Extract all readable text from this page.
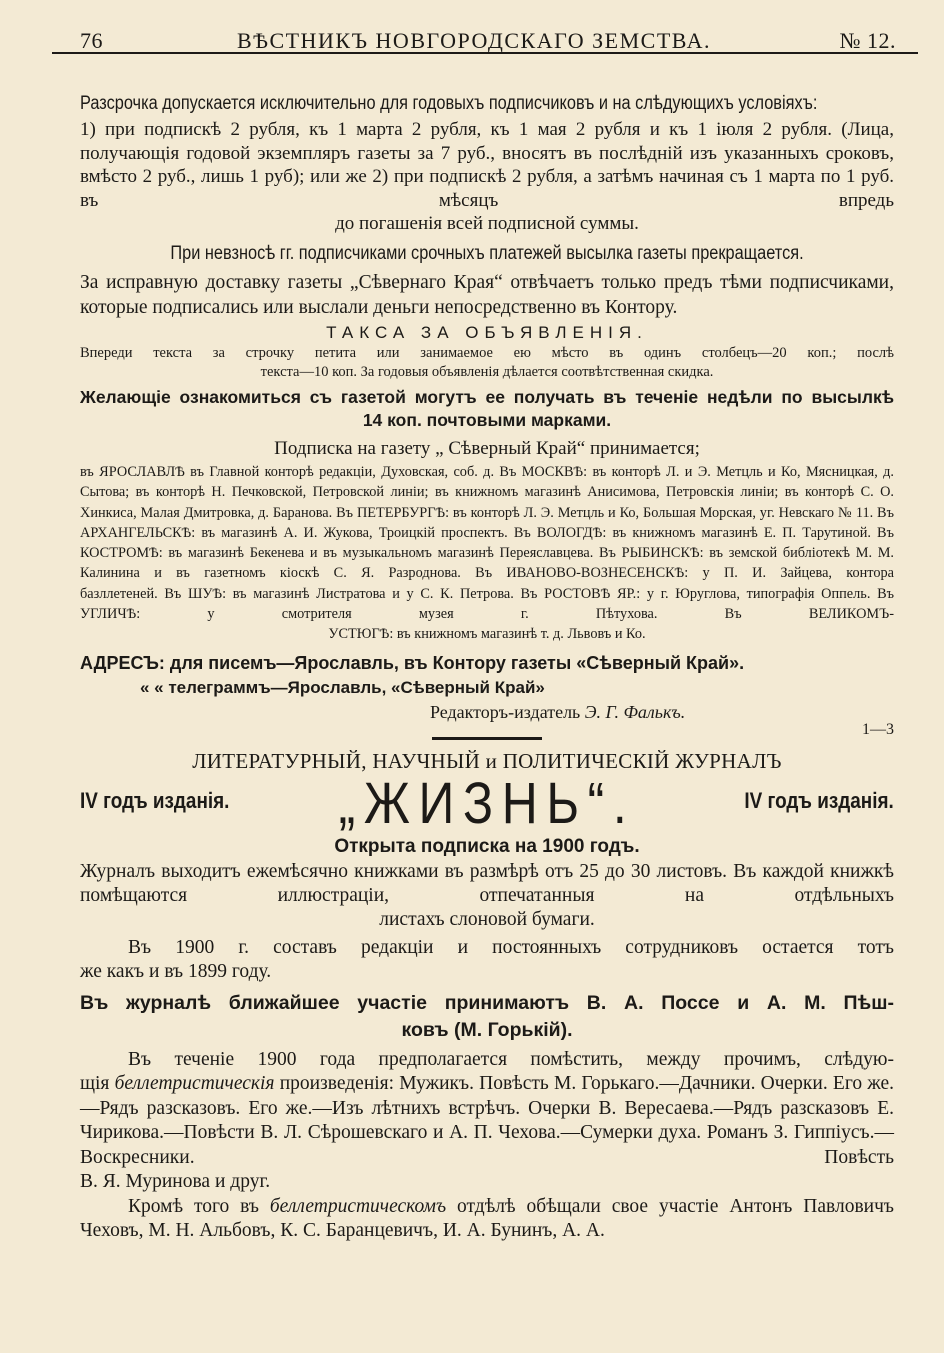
76	ВѢСТНИКЪ НОВГОРОДСКАГО ЗЕМСТВА.	№ 12.

Разсрочка допускается исключительно для годовыхъ подписчиковъ и на слѣдующихъ условіяхъ:

1) при подпискѣ 2 рубля, къ 1 марта 2 рубля, къ 1 мая 2 рубля и къ 1 іюля 2 рубля. (Лица, получающія годовой экземпляръ газеты за 7 руб., вносятъ въ послѣдній изъ указанныхъ сроковъ, вмѣсто 2 руб., лишь 1 руб); или же 2) при подпискѣ 2 рубля, а затѣмъ начиная съ 1 марта по 1 руб. въ мѣсяцъ впредь

до погашенія всей подписной суммы.

При невзносѣ гг. подписчиками срочныхъ платежей высылка газеты прекращается.

За исправную доставку газеты „Сѣвернаго Края“ отвѣчаетъ только предъ тѣми подписчиками, которые подписались или выслали деньги непосредственно въ Контору.

ТАКСА ЗА ОБЪЯВЛЕНІЯ.

Впереди текста за строчку петита или занимаемое ею мѣсто въ одинъ столбецъ—20 коп.; послѣ

текста—10 коп. За годовыя объявленія дѣлается соотвѣтственная скидка.

Желающіе ознакомиться съ газетой могутъ ее получать въ теченіе недѣли по высылкѣ

14 коп. почтовыми марками.

Подписка на газету „ Сѣверный Край“ принимается;

въ ЯРОСЛАВЛѢ въ Главной конторѣ редакціи, Духовская, соб. д. Въ МОСКВѢ: въ конторѣ Л. и Э. Метцль и Ко, Мясницкая, д. Сытова; въ конторѣ Н. Печковской, Петровской линіи; въ книжномъ магазинѣ Анисимова, Петровскія линіи; въ конторѣ С. О. Хинкиса, Малая Дмитровка, д. Баранова. Въ ПЕТЕРБУРГѢ: въ конторѣ Л. Э. Метцль и Ко, Большая Морская, уг. Невскаго № 11. Въ АРХАНГЕЛЬСКѢ: въ магазинѣ А. И. Жукова, Троицкій проспектъ. Въ ВОЛОГДѢ: въ книжномъ магазинѣ Е. П. Тарутиной. Въ КОСТРОМѢ: въ магазинѣ Бекенева и въ музыкальномъ магазинѣ Переяславцева. Въ РЫБИНСКѢ: въ земской библіотекѣ М. М. Калинина и въ газетномъ кіоскѣ С. Я. Разроднова. Въ ИВАНОВО-ВОЗНЕСЕНСКѢ: у П. И. Зайцева, контора

базллетеней. Въ ШУѢ: въ магазинѣ Листратова и у С. К. Петрова. Въ РОСТОВѢ ЯР.: у г. Юруглова, типографія Оппель. Въ УГЛИЧѢ: у смотрителя музея г. Пѣтухова. Въ ВЕЛИКОМЪ-

УСТЮГѢ: въ книжномъ магазинѣ т. д. Львовъ и Ко.

АДРЕСЪ: для писемъ—Ярославль, въ Контору газеты «Сѣверный Край».

« « телеграммъ—Ярославль, «Сѣверный Край»

Редакторъ-издатель Э. Г. Фалькъ.

1—3

ЛИТЕРАТУРНЫЙ, НАУЧНЫЙ и ПОЛИТИЧЕСКІЙ ЖУРНАЛЪ

IV годъ изданія.	„ЖИЗНЬ“.	IV годъ изданія.

Открыта подписка на 1900 годъ.

Журналъ выходитъ ежемѣсячно книжками въ размѣрѣ отъ 25 до 30 листовъ. Въ каждой книжкѣ помѣщаются иллюстраціи, отпечатанныя на отдѣльныхъ

листахъ слоновой бумаги.

Въ 1900 г. составъ редакціи и постоянныхъ сотрудниковъ остается тотъ

же какъ и въ 1899 году.

Въ журналѣ ближайшее участіе принимаютъ В. А. Поссе и А. М. Пѣш-

ковъ (М. Горькій).

Въ теченіе 1900 года предполагается помѣстить, между прочимъ, слѣдую-

щія беллетристическія произведенія: Мужикъ. Повѣсть М. Горькаго.—Дачники. Очерки. Его же.—Рядъ разсказовъ. Его же.—Изъ лѣтнихъ встрѣчъ. Очерки В. Вересаева.—Рядъ разсказовъ Е. Чирикова.—Повѣсти В. Л. Сѣрошевскаго и А. П. Чехова.—Сумерки духа. Романъ З. Гиппіусъ.—Воскресники. Повѣсть

В. Я. Муринова и друг.

Кромѣ того въ беллетристическомъ отдѣлѣ обѣщали свое участіе Антонъ Павловичъ Чеховъ, М. Н. Альбовъ, К. С. Баранцевичъ, И. А. Бунинъ, А. А.
